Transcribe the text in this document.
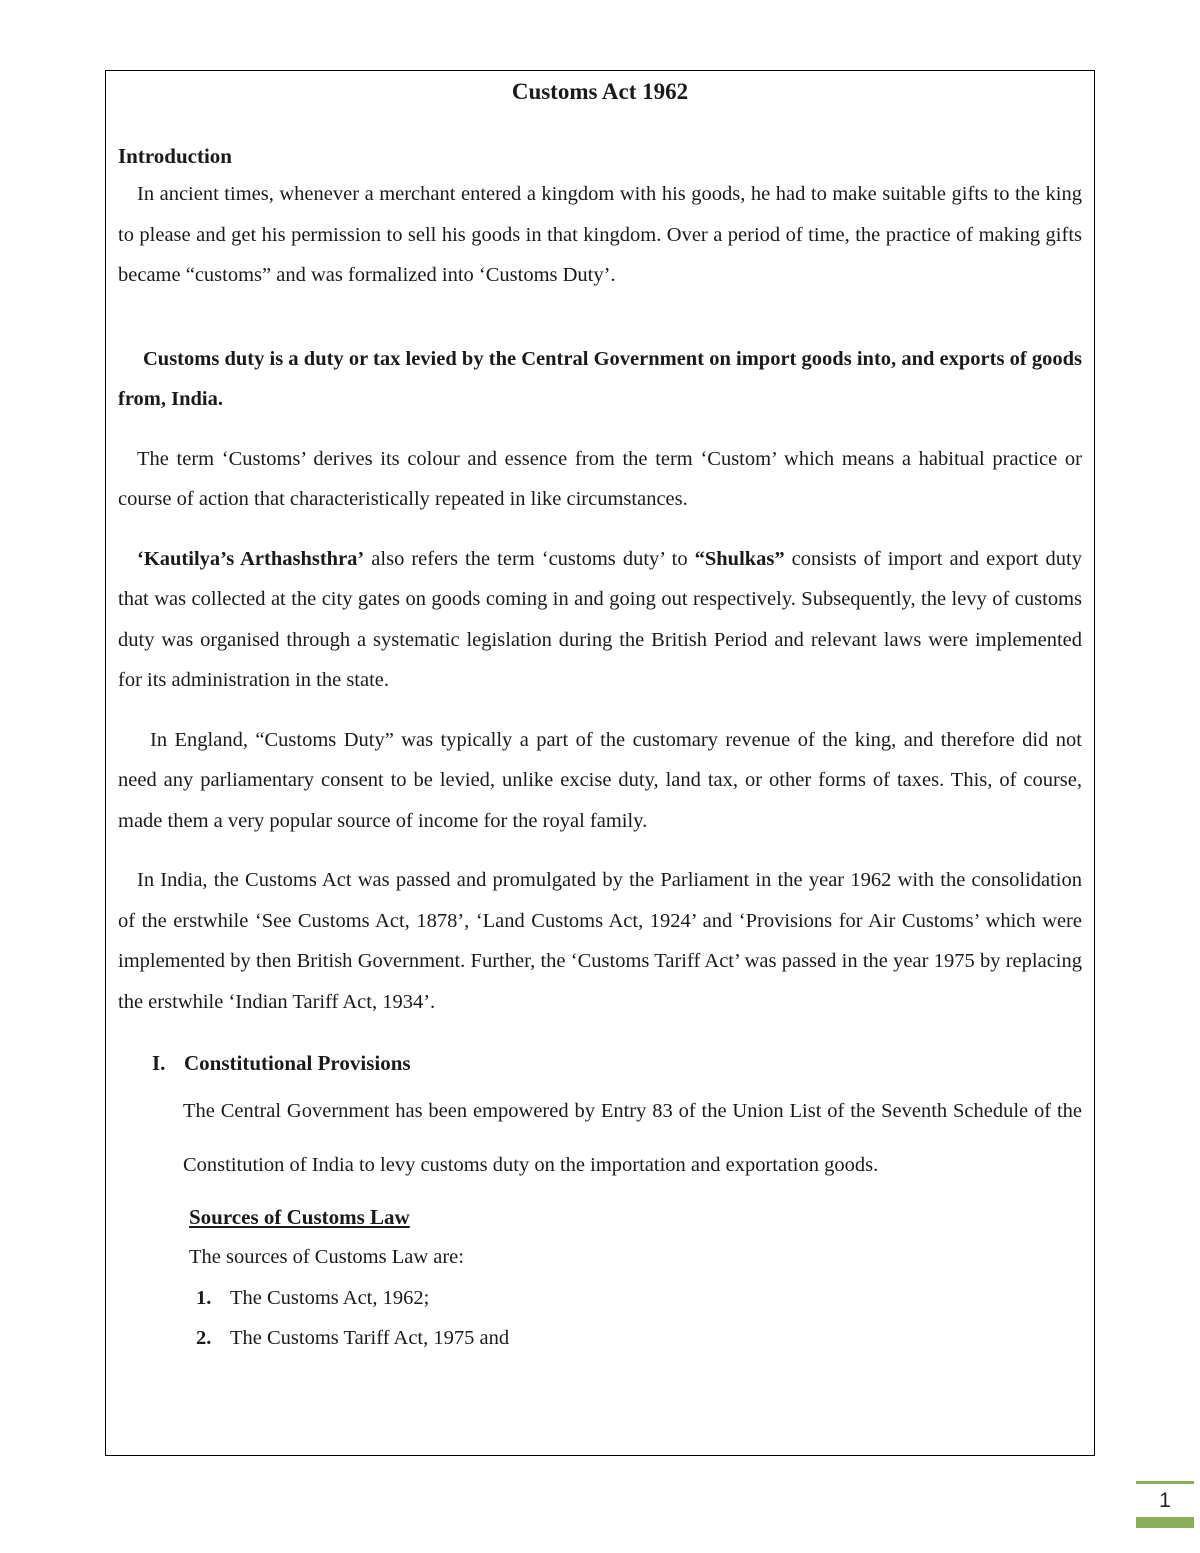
Customs Act 1962
Introduction

In ancient times, whenever a merchant entered a kingdom with his goods, he had to make suitable gifts to the king to please and get his permission to sell his goods in that kingdom. Over a period of time, the practice of making gifts became “customs” and was formalized into ‘Customs Duty’.

Customs duty is a duty or tax levied by the Central Government on import goods into, and exports of goods from, India.

The term ‘Customs’ derives its colour and essence from the term ‘Custom’ which means a habitual practice or course of action that characteristically repeated in like circumstances.

‘Kautilya’s Arthashsthra’ also refers the term ‘customs duty’ to “Shulkas” consists of import and export duty that was collected at the city gates on goods coming in and going out respectively. Subsequently, the levy of customs duty was organised through a systematic legislation during the British Period and relevant laws were implemented for its administration in the state.

In England, “Customs Duty” was typically a part of the customary revenue of the king, and therefore did not need any parliamentary consent to be levied, unlike excise duty, land tax, or other forms of taxes. This, of course, made them a very popular source of income for the royal family.

In India, the Customs Act was passed and promulgated by the Parliament in the year 1962 with the consolidation of the erstwhile ‘See Customs Act, 1878’, ‘Land Customs Act, 1924’ and ‘Provisions for Air Customs’ which were implemented by then British Government. Further, the ‘Customs Tariff Act’ was passed in the year 1975 by replacing the erstwhile ‘Indian Tariff Act, 1934’.

I. Constitutional Provisions

The Central Government has been empowered by Entry 83 of the Union List of the Seventh Schedule of the Constitution of India to levy customs duty on the importation and exportation goods.

Sources of Customs Law

The sources of Customs Law are:

1. The Customs Act, 1962;
2. The Customs Tariff Act, 1975 and
1
